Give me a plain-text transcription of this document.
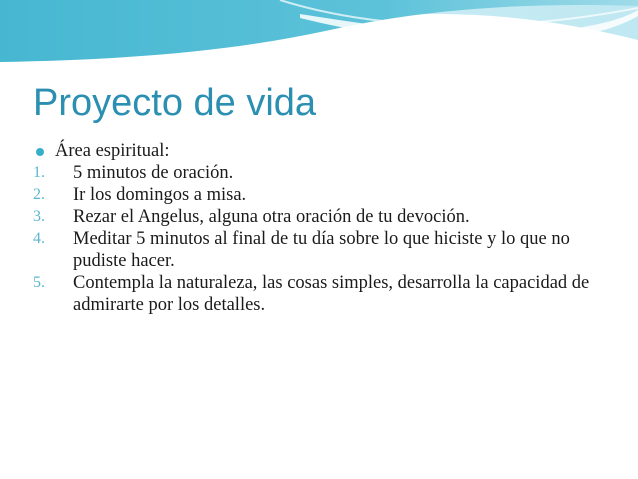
Proyecto de vida
Área espiritual:
1. 5 minutos de oración.
2. Ir los domingos a misa.
3. Rezar el Angelus, alguna otra oración de tu devoción.
4. Meditar 5 minutos al final de tu día sobre lo que hiciste y lo que no pudiste hacer.
5. Contempla la naturaleza, las cosas simples, desarrolla la capacidad de admirarte por los detalles.
